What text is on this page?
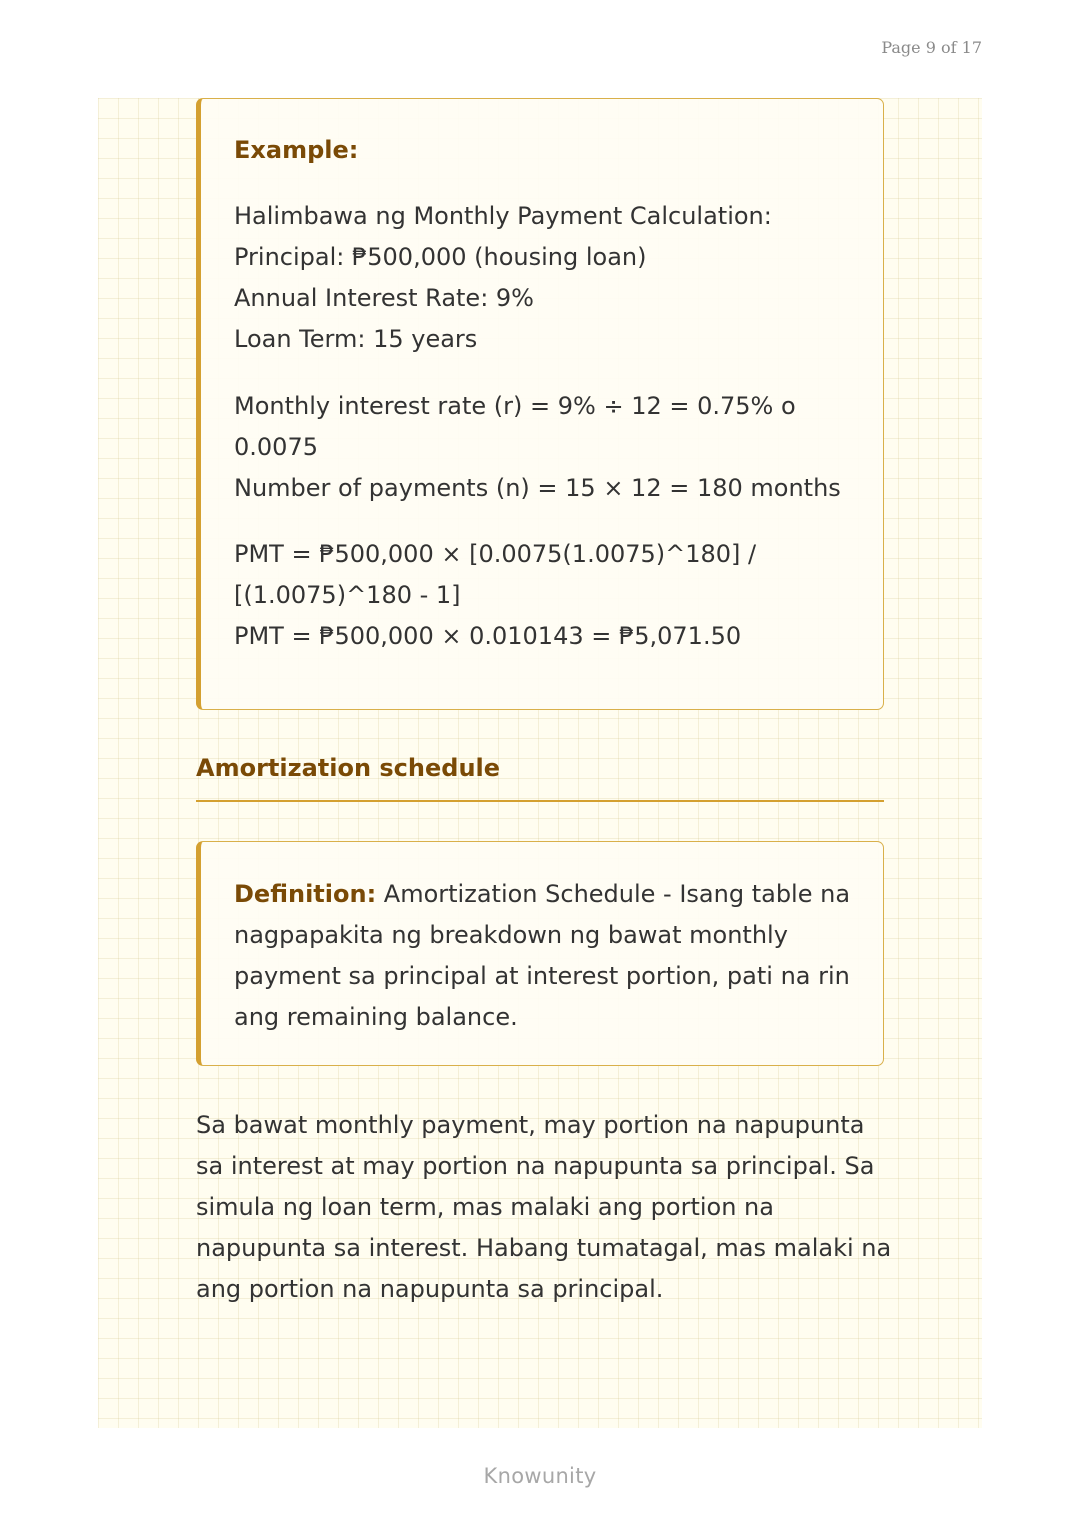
Page 9 of 17
Example:

Halimbawa ng Monthly Payment Calculation:

Principal: ₱500,000 (housing loan)

Annual Interest Rate: 9%

Loan Term: 15 years

Monthly interest rate (r) = 9% ÷ 12 = 0.75% o

0.0075

Number of payments (n) = 15 × 12 = 180 months

PMT = ₱500,000 × [0.0075(1.0075)^180] /

[(1.0075)^180 - 1]

PMT = ₱500,000 × 0.010143 = ₱5,071.50

Amortization schedule
Definition: Amortization Schedule - Isang table na nagpapakita ng breakdown ng bawat monthly payment sa principal at interest portion, pati na rin ang remaining balance.

Sa bawat monthly payment, may portion na napupunta sa interest at may portion na napupunta sa principal. Sa simula ng loan term, mas malaki ang portion na napupunta sa interest. Habang tumatagal, mas malaki na ang portion na napupunta sa principal.

Knowunity
